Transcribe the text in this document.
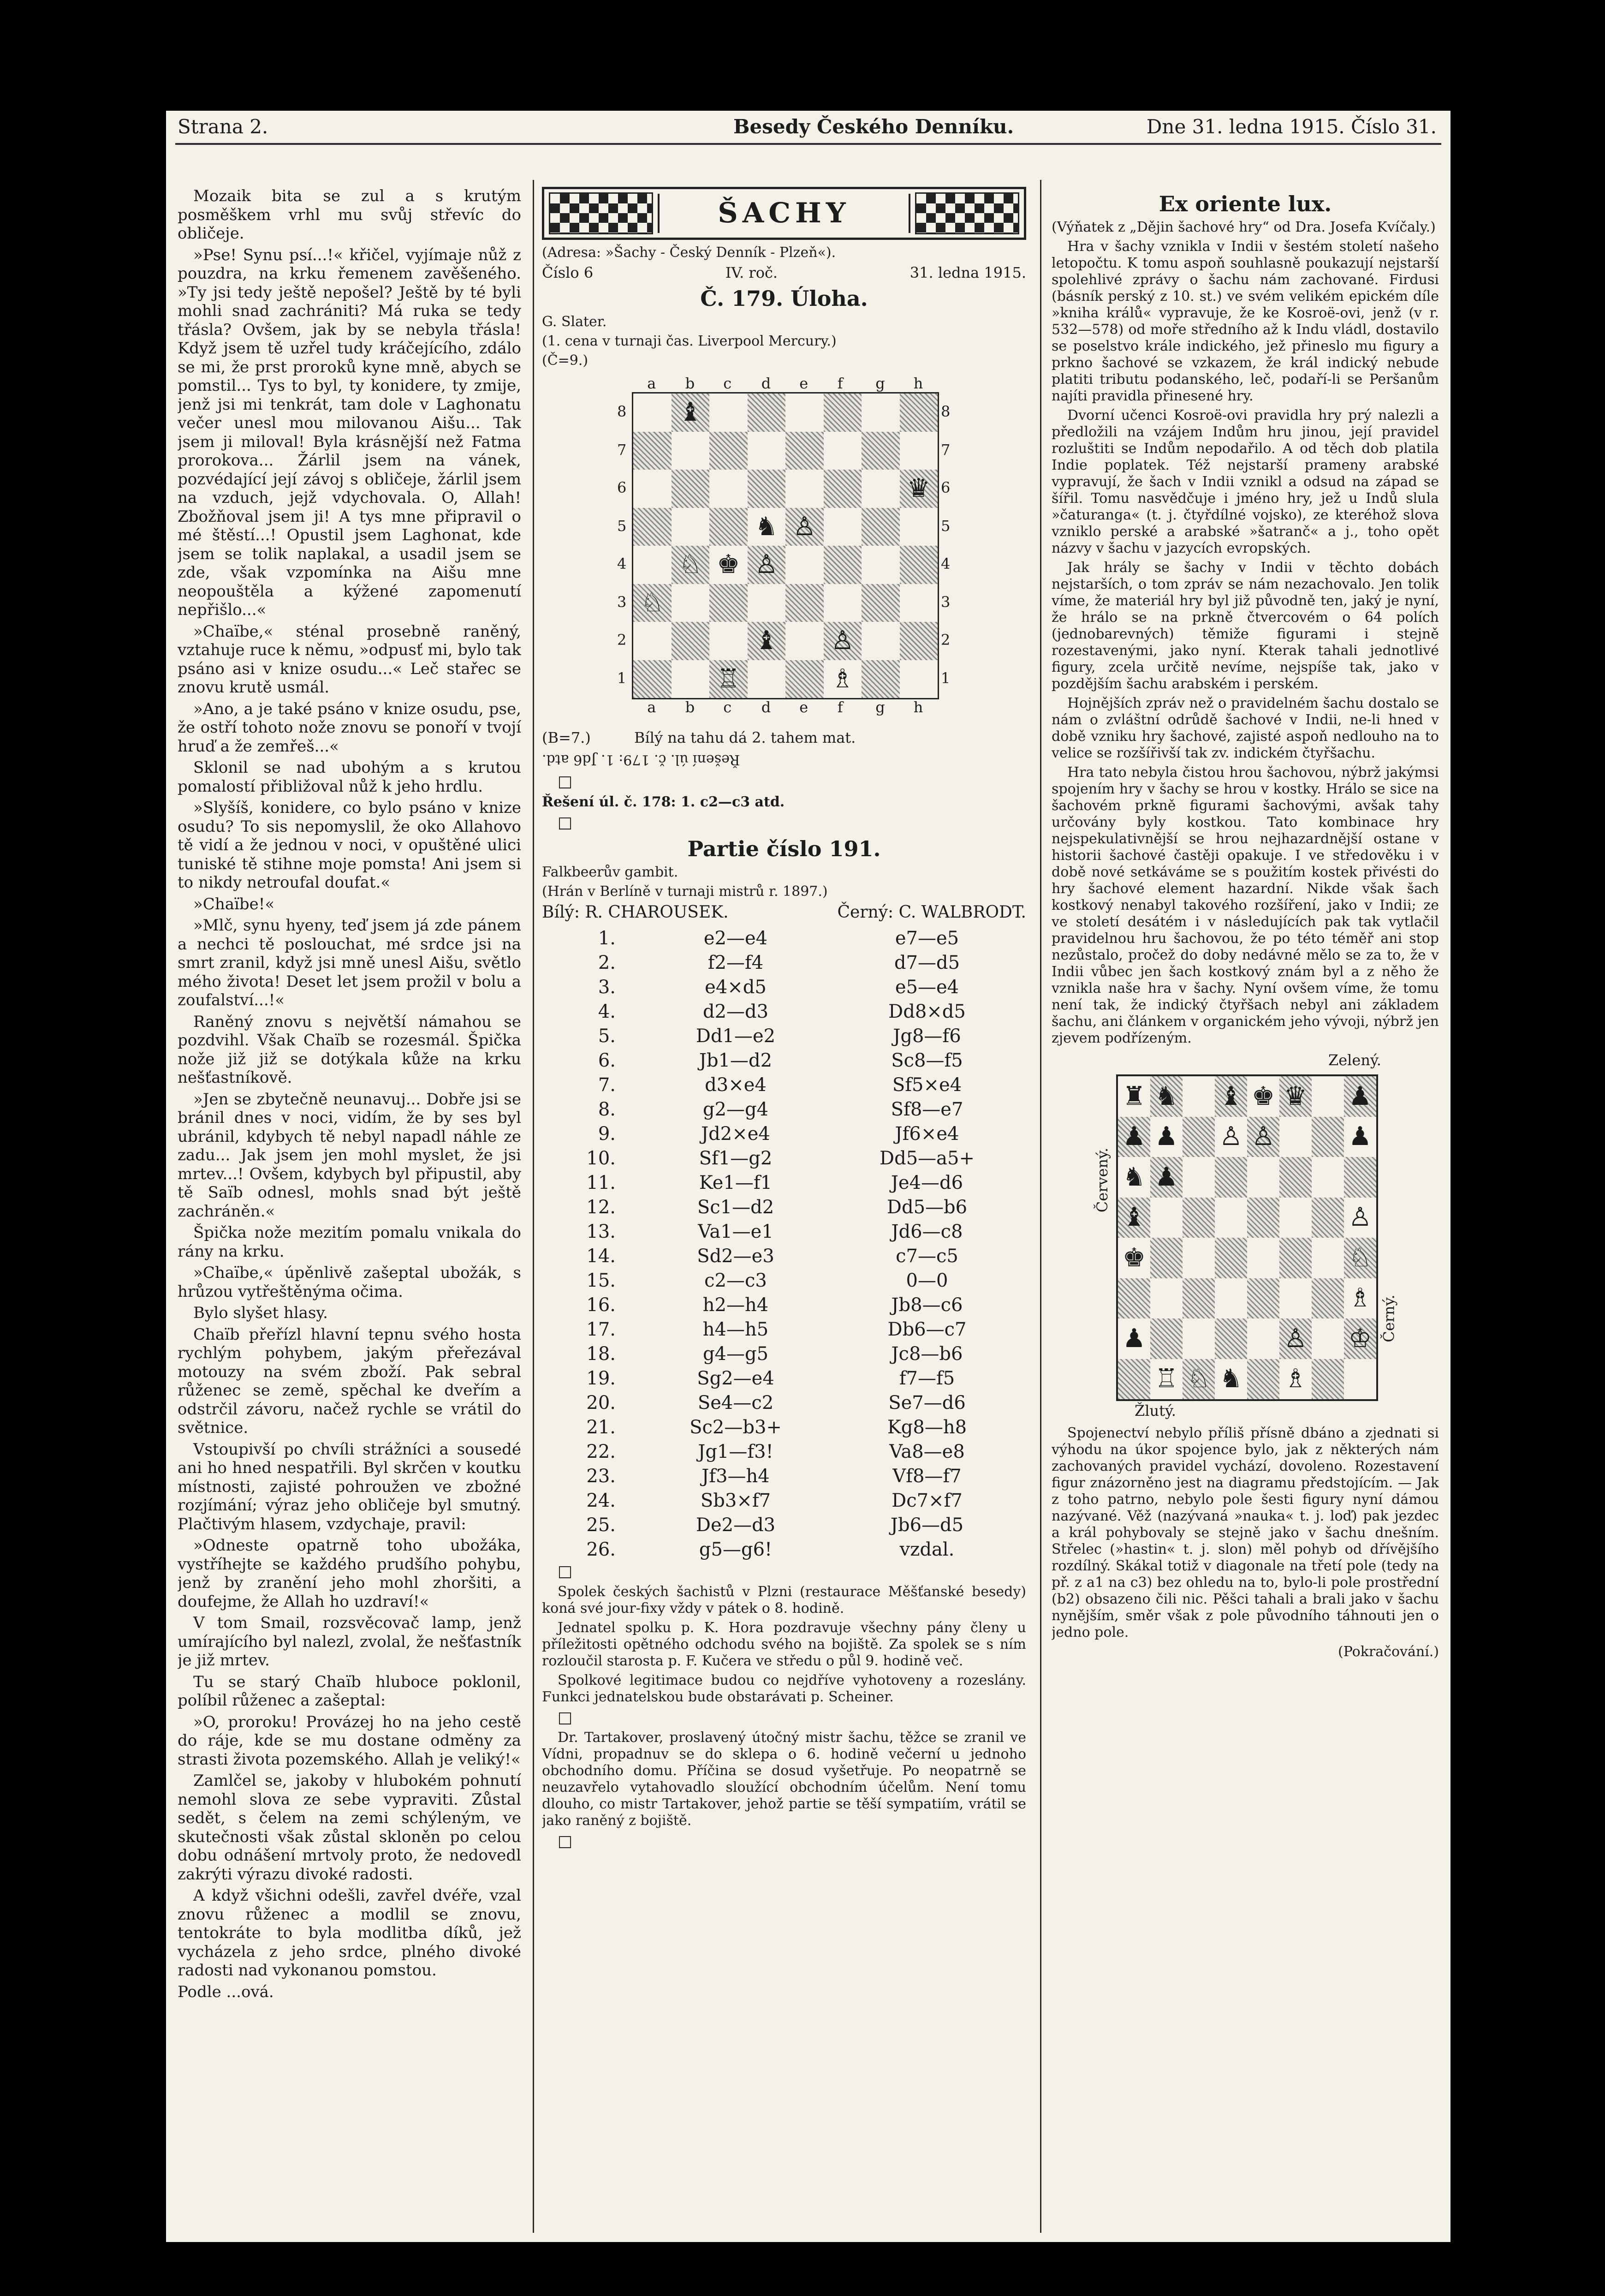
Strana 2.	Besedy Českého Denníku.	Dne 31. ledna 1915. Číslo 31.

Mozaik bita se zul a s krutým posměškem vrhl mu svůj střevíc do obličeje.

»Pse! Synu psí...!« křičel, vyjímaje nůž z pouzdra, na krku řemenem zavěšeného. »Ty jsi tedy ještě nepošel? Ještě by té byli mohli snad zachrániti? Má ruka se tedy třásla? Ovšem, jak by se nebyla třásla! Když jsem tě uzřel tudy kráčejícího, zdálo se mi, že prst proroků kyne mně, abych se pomstil... Tys to byl, ty konidere, ty zmije, jenž jsi mi tenkrát, tam dole v Laghonatu večer unesl mou milovanou Aišu... Tak jsem ji miloval! Byla krásnější než Fatma prorokova... Žárlil jsem na vánek, pozvédající její závoj s obličeje, žárlil jsem na vzduch, jejž vdychovala. O, Allah! Zbožňoval jsem ji! A tys mne připravil o mé štěstí...! Opustil jsem Laghonat, kde jsem se tolik naplakal, a usadil jsem se zde, však vzpomínka na Aišu mne neopouštěla a kýžené zapomenutí nepřišlo...«

»Chaïbe,« sténal prosebně raněný, vztahuje ruce k němu, »odpusť mi, bylo tak psáno asi v knize osudu...« Leč stařec se znovu krutě usmál.

»Ano, a je také psáno v knize osudu, pse, že ostří tohoto nože znovu se ponoří v tvojí hruď a že zemřeš...«

Sklonil se nad ubohým a s krutou pomalostí přibližoval nůž k jeho hrdlu.

»Slyšíš, konidere, co bylo psáno v knize osudu? To sis nepomyslil, že oko Allahovo tě vidí a že jednou v noci, v opuštěné ulici tuniské tě stihne moje pomsta! Ani jsem si to nikdy netroufal doufat.«

»Chaïbe!«

»Mlč, synu hyeny, teď jsem já zde pánem a nechci tě poslouchat, mé srdce jsi na smrt zranil, když jsi mně unesl Aišu, světlo mého života! Deset let jsem prožil v bolu a zoufalství...!«

Raněný znovu s největší námahou se pozdvihl. Však Chaïb se rozesmál. Špička nože již již se dotýkala kůže na krku nešťastníkově.

»Jen se zbytečně neunavuj... Dobře jsi se bránil dnes v noci, vidím, že by ses byl ubránil, kdybych tě nebyl napadl náhle ze zadu... Jak jsem jen mohl myslet, že jsi mrtev...! Ovšem, kdybych byl připustil, aby tě Saïb odnesl, mohls snad být ještě zachráněn.«

Špička nože mezitím pomalu vnikala do rány na krku.

»Chaïbe,« úpěnlivě zašeptal ubožák, s hrůzou vytřeštěnýma očima.

Bylo slyšet hlasy.

Chaïb přeřízl hlavní tepnu svého hosta rychlým pohybem, jakým přeřezával motouzy na svém zboží. Pak sebral růženec se země, spěchal ke dveřím a odstrčil závoru, načež rychle se vrátil do světnice.

Vstoupivší po chvíli strážníci a sousedé ani ho hned nespatřili. Byl skrčen v koutku místnosti, zajisté pohroužen ve zbožné rozjímání; výraz jeho obličeje byl smutný. Plačtivým hlasem, vzdychaje, pravil:

»Odneste opatrně toho ubožáka, vystříhejte se každého prudšího pohybu, jenž by zranění jeho mohl zhoršiti, a doufejme, že Allah ho uzdraví!«

V tom Smail, rozsvěcovač lamp, jenž umírajícího byl nalezl, zvolal, že nešťastník je již mrtev.

Tu se starý Chaïb hluboce poklonil, políbil růženec a zašeptal:

»O, proroku! Provázej ho na jeho cestě do ráje, kde se mu dostane odměny za strasti života pozemského. Allah je veliký!«

Zamlčel se, jakoby v hlubokém pohnutí nemohl slova ze sebe vypraviti. Zůstal sedět, s čelem na zemi schýleným, ve skutečnosti však zůstal skloněn po celou dobu odnášení mrtvoly proto, že nedovedl zakrýti výrazu divoké radosti.

A když všichni odešli, zavřel dvéře, vzal znovu růženec a modlil se znovu, tentokráte to byla modlitba díků, jež vycházela z jeho srdce, plného divoké radosti nad vykonanou pomstou.

Podle ...ová.

ŠACHY

(Adresa: »Šachy - Český Denník - Plzeň«).

Číslo 6	IV. roč.	31. ledna 1915.
Č. 179. Úloha.

G. Slater.

(1. cena v turnaji čas. Liverpool Mercury.)

(Č=9.)

♝
♛
♞ ♙
♘ ♚ ♙
♘
♝ ♙
♖	♗
a
a
b
b
c
c
d
d
e
e
f
f
g
g
h
h
8	8
7	7
6	6
5	5
4	4
3	3
2	2
1	1
(B=7.)	Bílý na tahu dá 2. tahem mat.

Řešení úl. č. 179: 1. Jd6 atd.

□

Řešení úl. č. 178: 1. c2—c3 atd.

□

Partie číslo 191.

Falkbeerův gambit.

(Hrán v Berlíně v turnaji mistrů r. 1897.)

Bílý: R. CHAROUSEK.	Černý: C. WALBRODT.
1.	e2—e4	e7—e5
2.	f2—f4	d7—d5
3.	e4×d5	e5—e4
4.	d2—d3	Dd8×d5
5.	Dd1—e2	Jg8—f6
6.	Jb1—d2	Sc8—f5
7.	d3×e4	Sf5×e4
8.	g2—g4	Sf8—e7
9.	Jd2×e4	Jf6×e4
10.	Sf1—g2	Dd5—a5+
11.	Ke1—f1	Je4—d6
12.	Sc1—d2	Dd5—b6
13.	Va1—e1	Jd6—c8
14.	Sd2—e3	c7—c5
15.	c2—c3	0—0
16.	h2—h4	Jb8—c6
17.	h4—h5	Db6—c7
18.	g4—g5	Jc8—b6
19.	Sg2—e4	f7—f5
20.	Se4—c2	Se7—d6
21.	Sc2—b3+	Kg8—h8
22.	Jg1—f3!	Va8—e8
23.	Jf3—h4	Vf8—f7
24.	Sb3×f7	Dc7×f7
25.	De2—d3	Jb6—d5
26.	g5—g6!	vzdal.

□

Spolek českých šachistů v Plzni (restaurace Měšťanské besedy) koná své jour-fixy vždy v pátek o 8. hodině.

Jednatel spolku p. K. Hora pozdravuje všechny pány členy u příležitosti opětného odchodu svého na bojiště. Za spolek se s ním rozloučil starosta p. F. Kučera ve středu o půl 9. hodině več.

Spolkové legitimace budou co nejdříve vyhotoveny a rozeslány. Funkci jednatelskou bude obstarávati p. Scheiner.

□

Dr. Tartakover, proslavený útočný mistr šachu, těžce se zranil ve Vídni, propadnuv se do sklepa o 6. hodině večerní u jednoho obchodního domu. Příčina se dosud vyšetřuje. Po neopatrně se neuzavřelo vytahovadlo sloužící obchodním účelům. Není tomu dlouho, co mistr Tartakover, jehož partie se těší sympatiím, vrátil se jako raněný z bojiště.

□

Ex oriente lux.

(Výňatek z „Dějin šachové hry“ od Dra. Josefa Kvíčaly.)

Hra v šachy vznikla v Indii v šestém století našeho letopočtu. K tomu aspoň souhlasně poukazují nejstarší spolehlivé zprávy o šachu nám zachované. Firdusi (básník perský z 10. st.) ve svém velikém epickém díle »kniha králů« vypravuje, že ke Kosroë-ovi, jenž (v r. 532—578) od moře středního až k Indu vládl, dostavilo se poselstvo krále indického, jež přineslo mu figury a prkno šachové se vzkazem, že král indický nebude platiti tributu podanského, leč, podaří-li se Peršanům najíti pravidla přinesené hry.

Dvorní učenci Kosroë-ovi pravidla hry prý nalezli a předložili na vzájem Indům hru jinou, její pravidel rozluštiti se Indům nepodařilo. A od těch dob platila Indie poplatek. Též nejstarší prameny arabské vypravují, že šach v Indii vznikl a odsud na západ se šířil. Tomu nasvědčuje i jméno hry, jež u Indů slula »čaturanga« (t. j. čtyřdílné vojsko), ze kteréhož slova vzniklo perské a arabské »šatranč« a j., toho opět názvy v šachu v jazycích evropských.

Jak hrály se šachy v Indii v těchto dobách nejstarších, o tom zpráv se nám nezachovalo. Jen tolik víme, že materiál hry byl již původně ten, jaký je nyní, že hrálo se na prkně čtvercovém o 64 polích (jednobarevných) těmiže figurami i stejně rozestavenými, jako nyní. Kterak tahali jednotlivé figury, zcela určitě nevíme, nejspíše tak, jako v pozdějším šachu arabském i perském.

Hojnějších zpráv než o pravidelném šachu dostalo se nám o zvláštní odrůdě šachové v Indii, ne-li hned v době vzniku hry šachové, zajisté aspoň nedlouho na to velice se rozšířivší tak zv. indickém čtyřšachu.

Hra tato nebyla čistou hrou šachovou, nýbrž jakýmsi spojením hry v šachy se hrou v kostky. Hrálo se sice na šachovém prkně figurami šachovými, avšak tahy určovány byly kostkou. Tato kombinace hry nejspekulativnější se hrou nejhazardnější ostane v historii šachové častěji opakuje. I ve středověku i v době nové setkáváme se s použitím kostek přivésti do hry šachové element hazardní. Nikde však šach kostkový nenabyl takového rozšíření, jako v Indii; ze ve století desátém i v následujících pak tak vytlačil pravidelnou hru šachovou, že po této téměř ani stop nezůstalo, pročež do doby nedávné mělo se za to, že v Indii vůbec jen šach kostkový znám byl a z něho že vznikla naše hra v šachy. Nyní ovšem víme, že tomu není tak, že indický čtyřšach nebyl ani základem šachu, ani článkem v organickém jeho vývoji, nýbrž jen zjevem podřízeným.

Zelený.
Červený.
Černý.
Žlutý.
♜ ♞ ♝ ♚ ♛ ♟
♟ ♟ ♙ ♙	♟
♞ ♟
♝	♙
♚	♘
♗
♟	♙ ♔
♖ ♘ ♞ ♗

Spojenectví nebylo příliš přísně dbáno a zjednati si výhodu na úkor spojence bylo, jak z některých nám zachovaných pravidel vychází, dovoleno. Rozestavení figur znázorněno jest na diagramu předstojícím. — Jak z toho patrno, nebylo pole šesti figury nyní dámou nazývané. Věž (nazývaná »nauka« t. j. loď) pak jezdec a král pohybovaly se stejně jako v šachu dnešním. Střelec (»hastin« t. j. slon) měl pohyb od dřívějšího rozdílný. Skákal totiž v diagonale na třetí pole (tedy na př. z a1 na c3) bez ohledu na to, bylo-li pole prostřední (b2) obsazeno čili nic. Pěšci tahali a brali jako v šachu nynějším, směr však z pole původního táhnouti jen o jedno pole.

(Pokračování.)
